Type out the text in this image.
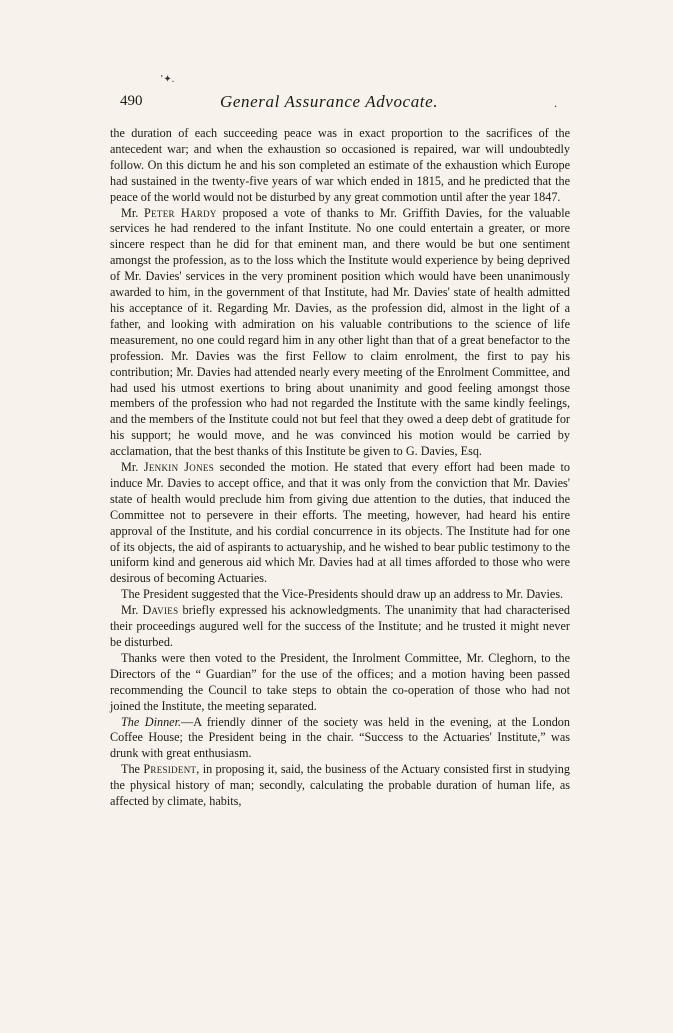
’✦.
490	General Assurance Advocate.	.

the duration of each succeeding peace was in exact proportion to the sacrifices of the antecedent war; and when the exhaustion so occasioned is repaired, war will undoubtedly follow. On this dictum he and his son completed an estimate of the exhaustion which Europe had sustained in the twenty-five years of war which ended in 1815, and he predicted that the peace of the world would not be disturbed by any great commotion until after the year 1847.

Mr. Peter Hardy proposed a vote of thanks to Mr. Griffith Davies, for the valuable services he had rendered to the infant Institute. No one could entertain a greater, or more sincere respect than he did for that eminent man, and there would be but one sentiment amongst the profession, as to the loss which the Institute would experience by being deprived of Mr. Davies' services in the very prominent position which would have been unanimously awarded to him, in the government of that Institute, had Mr. Davies' state of health admitted his acceptance of it. Regarding Mr. Davies, as the profession did, almost in the light of a father, and looking with admiration on his valuable contributions to the science of life measurement, no one could regard him in any other light than that of a great benefactor to the profession. Mr. Davies was the first Fellow to claim enrolment, the first to pay his contribution; Mr. Davies had attended nearly every meeting of the Enrolment Committee, and had used his utmost exertions to bring about unanimity and good feeling amongst those members of the profession who had not regarded the Institute with the same kindly feelings, and the members of the Institute could not but feel that they owed a deep debt of gratitude for his support; he would move, and he was convinced his motion would be carried by acclamation, that the best thanks of this Institute be given to G. Davies, Esq.

Mr. Jenkin Jones seconded the motion. He stated that every effort had been made to induce Mr. Davies to accept office, and that it was only from the conviction that Mr. Davies' state of health would preclude him from giving due attention to the duties, that induced the Committee not to persevere in their efforts. The meeting, however, had heard his entire approval of the Institute, and his cordial concurrence in its objects. The Institute had for one of its objects, the aid of aspirants to actuaryship, and he wished to bear public testimony to the uniform kind and generous aid which Mr. Davies had at all times afforded to those who were desirous of becoming Actuaries.

The President suggested that the Vice-Presidents should draw up an address to Mr. Davies.

Mr. Davies briefly expressed his acknowledgments. The unanimity that had characterised their proceedings augured well for the success of the Institute; and he trusted it might never be disturbed.

Thanks were then voted to the President, the Inrolment Committee, Mr. Cleghorn, to the Directors of the “ Guardian” for the use of the offices; and a motion having been passed recommending the Council to take steps to obtain the co-operation of those who had not joined the Institute, the meeting separated.

The Dinner.—A friendly dinner of the society was held in the evening, at the London Coffee House; the President being in the chair. “Success to the Actuaries' Institute,” was drunk with great enthusiasm.

The President, in proposing it, said, the business of the Actuary consisted first in studying the physical history of man; secondly, calculating the probable duration of human life, as affected by climate, habits,
